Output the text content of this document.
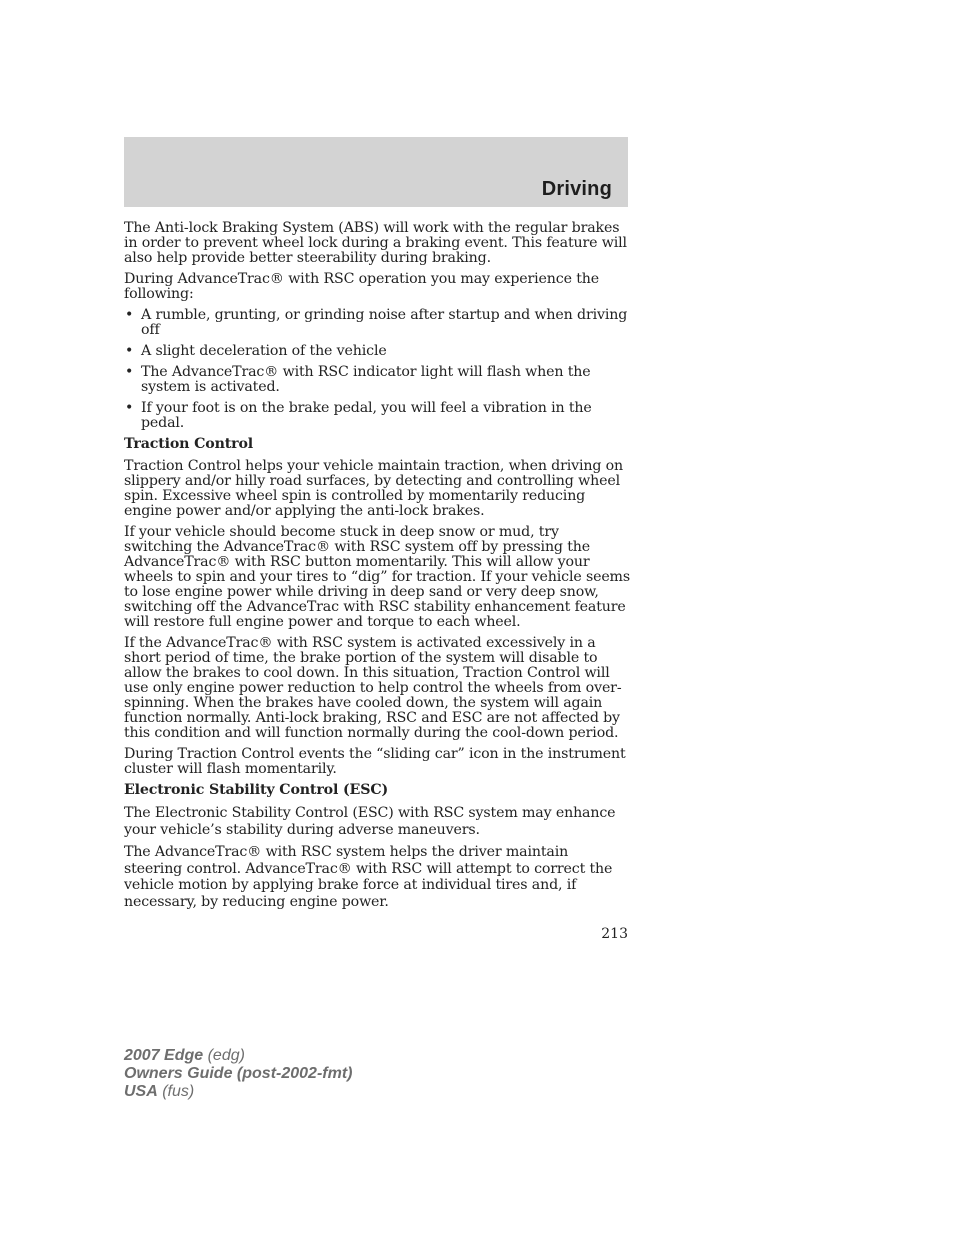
Driving

The Anti-lock Braking System (ABS) will work with the regular brakes in order to prevent wheel lock during a braking event. This feature will also help provide better steerability during braking.

During AdvanceTrac® with RSC operation you may experience the following:

• A rumble, grunting, or grinding noise after startup and when driving off
• A slight deceleration of the vehicle
• The AdvanceTrac® with RSC indicator light will flash when the system is activated.
• If your foot is on the brake pedal, you will feel a vibration in the pedal.

Traction Control

Traction Control helps your vehicle maintain traction, when driving on slippery and/or hilly road surfaces, by detecting and controlling wheel spin. Excessive wheel spin is controlled by momentarily reducing engine power and/or applying the anti-lock brakes.

If your vehicle should become stuck in deep snow or mud, try switching the AdvanceTrac® with RSC system off by pressing the AdvanceTrac® with RSC button momentarily. This will allow your wheels to spin and your tires to “dig” for traction. If your vehicle seems to lose engine power while driving in deep sand or very deep snow, switching off the AdvanceTrac with RSC stability enhancement feature will restore full engine power and torque to each wheel.

If the AdvanceTrac® with RSC system is activated excessively in a short period of time, the brake portion of the system will disable to allow the brakes to cool down. In this situation, Traction Control will use only engine power reduction to help control the wheels from over-spinning. When the brakes have cooled down, the system will again function normally. Anti-lock braking, RSC and ESC are not affected by this condition and will function normally during the cool-down period.

During Traction Control events the “sliding car” icon in the instrument cluster will flash momentarily.

Electronic Stability Control (ESC)

The Electronic Stability Control (ESC) with RSC system may enhance your vehicle’s stability during adverse maneuvers.

The AdvanceTrac® with RSC system helps the driver maintain steering control. AdvanceTrac® with RSC will attempt to correct the vehicle motion by applying brake force at individual tires and, if necessary, by reducing engine power.

213
2007 Edge (edg)
Owners Guide (post-2002-fmt)
USA (fus)
